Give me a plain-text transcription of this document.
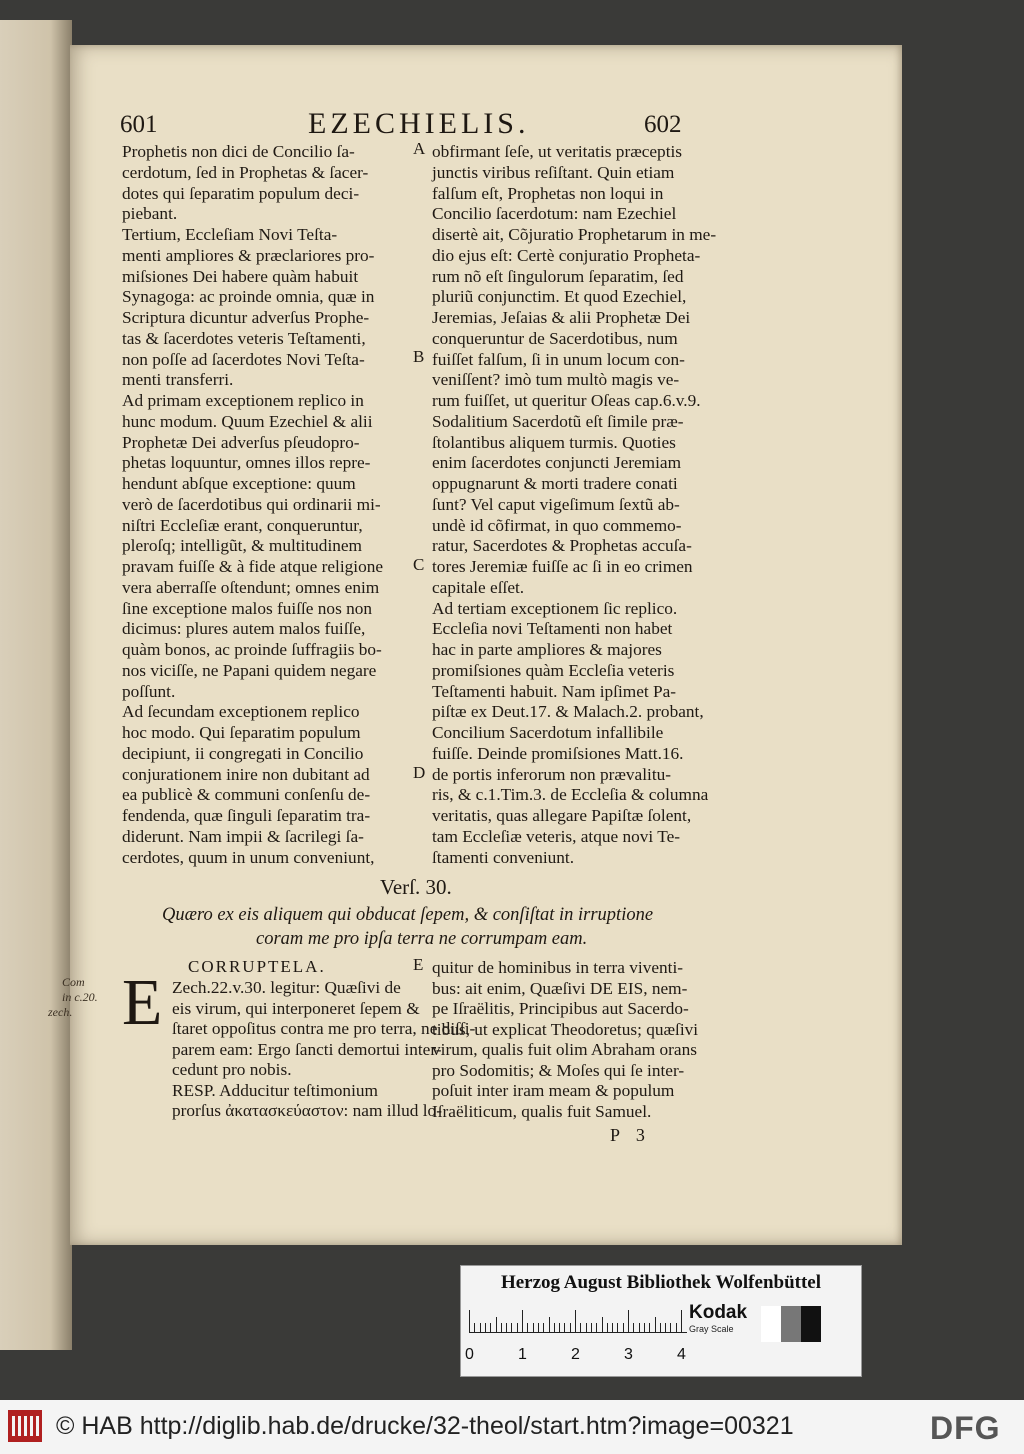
601	EZECHIELIS.	602
Prophetis non dici de Concilio ſa-
cerdotum, ſed in Prophetas & ſacer-
dotes qui ſeparatim populum deci-
piebant.
Tertium, Eccleſiam Novi Teſta-
menti ampliores & præclariores pro-
miſsiones Dei habere quàm habuit
Synagoga: ac proinde omnia, quæ in
Scriptura dicuntur adverſus Prophe-
tas & ſacerdotes veteris Teſtamenti,
non poſſe ad ſacerdotes Novi Teſta-
menti transferri.
Ad primam exceptionem replico in
hunc modum. Quum Ezechiel & alii
Prophetæ Dei adverſus pſeudopro-
phetas loquuntur, omnes illos repre-
hendunt abſque exceptione: quum
verò de ſacerdotibus qui ordinarii mi-
niſtri Eccleſiæ erant, conqueruntur,
pleroſq; intelligũt, & multitudinem
pravam fuiſſe & à fide atque religione
vera aberraſſe oſtendunt; omnes enim
ſine exceptione malos fuiſſe nos non
dicimus: plures autem malos fuiſſe,
quàm bonos, ac proinde ſuffragiis bo-
nos viciſſe, ne Papani quidem negare
poſſunt.
Ad ſecundam exceptionem replico
hoc modo. Qui ſeparatim populum
decipiunt, ii congregati in Concilio
conjurationem inire non dubitant ad
ea publicè & communi conſenſu de-
fendenda, quæ ſinguli ſeparatim tra-
diderunt. Nam impii & ſacrilegi ſa-
cerdotes, quum in unum conveniunt,
obfirmant ſeſe, ut veritatis præceptis
junctis viribus reſiſtant. Quin etiam
falſum eſt, Prophetas non loqui in
Concilio ſacerdotum: nam Ezechiel
disertè ait, Cõjuratio Prophetarum in me-
dio ejus eſt: Certè conjuratio Propheta-
rum nõ eſt ſingulorum ſeparatim, ſed
pluriũ conjunctim. Et quod Ezechiel,
Jeremias, Jeſaias & alii Prophetæ Dei
conqueruntur de Sacerdotibus, num
fuiſſet falſum, ſi in unum locum con-
veniſſent? imò tum multò magis ve-
rum fuiſſet, ut queritur Oſeas cap.6.v.9.
Sodalitium Sacerdotũ eſt ſimile præ-
ſtolantibus aliquem turmis. Quoties
enim ſacerdotes conjuncti Jeremiam
oppugnarunt & morti tradere conati
ſunt? Vel caput vigeſimum ſextũ ab-
undè id cõfirmat, in quo commemo-
ratur, Sacerdotes & Prophetas accuſa-
tores Jeremiæ fuiſſe ac ſi in eo crimen
capitale eſſet.
Ad tertiam exceptionem ſic replico.
Eccleſia novi Teſtamenti non habet
hac in parte ampliores & majores
promiſsiones quàm Eccleſia veteris
Teſtamenti habuit. Nam ipſimet Pa-
piſtæ ex Deut.17. & Malach.2. probant,
Concilium Sacerdotum infallibile
fuiſſe. Deinde promiſsiones Matt.16.
de portis inferorum non prævalitu-
ris, & c.1.Tim.3. de Eccleſia & columna
veritatis, quas allegare Papiſtæ ſolent,
tam Eccleſiæ veteris, atque novi Te-
ſtamenti conveniunt.
A
B
C
D
E
Verſ. 30.
Quæro ex eis aliquem qui obducat ſepem, & conſiſtat in irruptione
coram me pro ipſa terra ne corrumpam eam.
CORRUPTELA.
E Zech.22.v.30. legitur: Quæſivi de
eis virum, qui interponeret ſepem &
ſtaret oppoſitus contra me pro terra, ne diſſi-
parem eam: Ergo ſancti demortui inter-
cedunt pro nobis.
RESP. Adducitur teſtimonium
prorſus ἀκατασκεύαστον: nam illud lo-
quitur de hominibus in terra viventi-
bus: ait enim, Quæſivi DE EIS, nem-
pe Iſraëlitis, Principibus aut Sacerdo-
tibus, ut explicat Theodoretus; quæſivi
virum, qualis fuit olim Abraham orans
pro Sodomitis; & Moſes qui ſe inter-
poſuit inter iram meam & populum
Iſraëliticum, qualis fuit Samuel.
P 3
Com
in c.20.
zech.
Herzog August Bibliothek Wolfenbüttel
Kodak
Gray Scale
0	1	2	3	4
© HAB http://diglib.hab.de/drucke/32-theol/start.htm?image=00321	DFG
